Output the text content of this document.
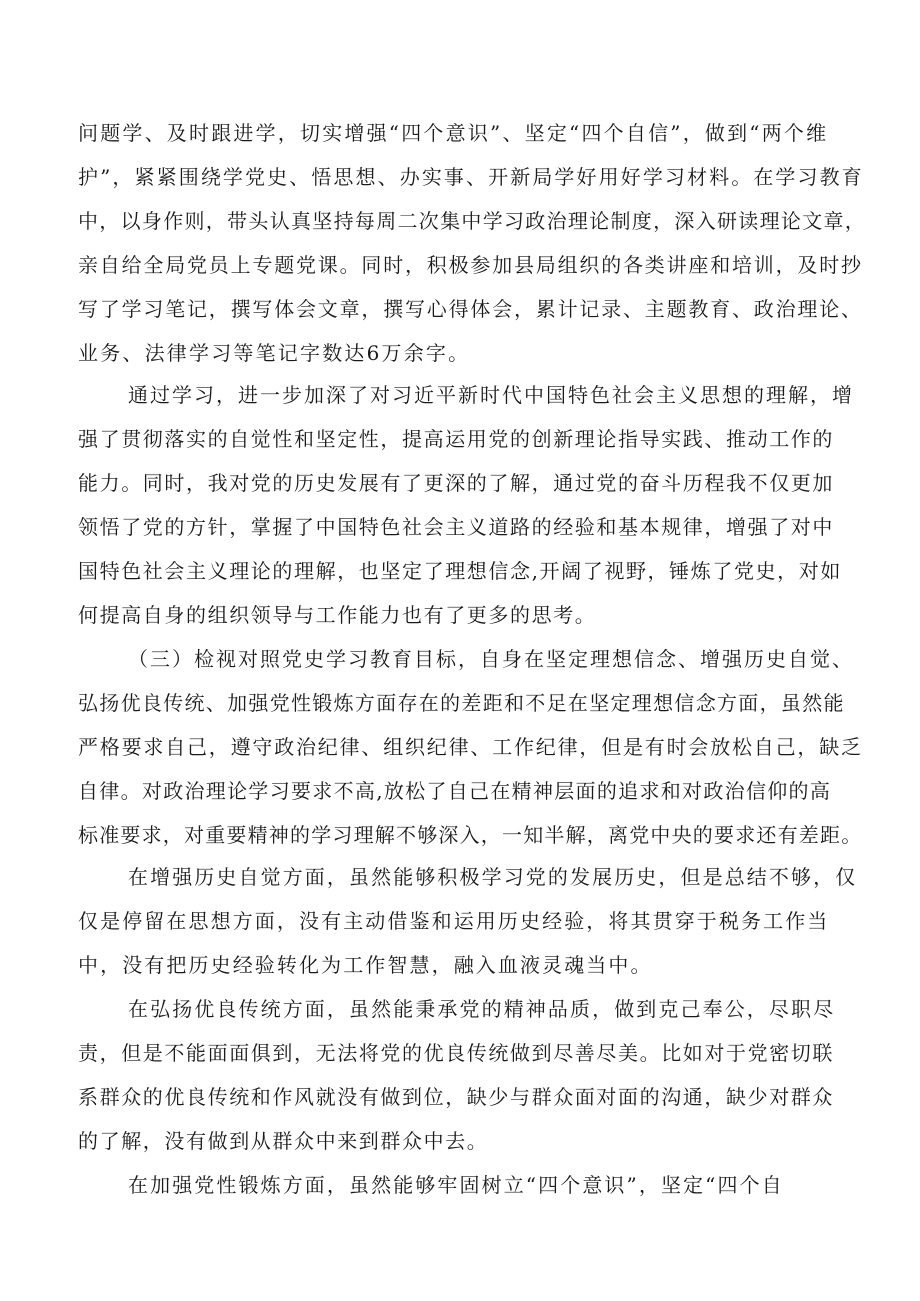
问题学、及时跟进学，切实增强“四个意识”、坚定“四个自信”，做到“两个维
护”，紧紧围绕学党史、悟思想、办实事、开新局学好用好学习材料。在学习教育
中，以身作则，带头认真坚持每周二次集中学习政治理论制度，深入研读理论文章，
亲自给全局党员上专题党课。同时，积极参加县局组织的各类讲座和培训，及时抄
写了学习笔记，撰写体会文章，撰写心得体会，累计记录、主题教育、政治理论、
业务、法律学习等笔记字数达6万余字。
通过学习，进一步加深了对习近平新时代中国特色社会主义思想的理解，增
强了贯彻落实的自觉性和坚定性，提高运用党的创新理论指导实践、推动工作的
能力。同时，我对党的历史发展有了更深的了解，通过党的奋斗历程我不仅更加
领悟了党的方针，掌握了中国特色社会主义道路的经验和基本规律，增强了对中
国特色社会主义理论的理解，也坚定了理想信念,开阔了视野，锤炼了党史，对如
何提高自身的组织领导与工作能力也有了更多的思考。
（三）检视对照党史学习教育目标，自身在坚定理想信念、增强历史自觉、
弘扬优良传统、加强党性锻炼方面存在的差距和不足在坚定理想信念方面，虽然能
严格要求自己，遵守政治纪律、组织纪律、工作纪律，但是有时会放松自己，缺乏
自律。对政治理论学习要求不高,放松了自己在精神层面的追求和对政治信仰的高
标准要求，对重要精神的学习理解不够深入，一知半解，离党中央的要求还有差距。
在增强历史自觉方面，虽然能够积极学习党的发展历史，但是总结不够，仅
仅是停留在思想方面，没有主动借鉴和运用历史经验，将其贯穿于税务工作当
中，没有把历史经验转化为工作智慧，融入血液灵魂当中。
在弘扬优良传统方面，虽然能秉承党的精神品质，做到克己奉公，尽职尽
责，但是不能面面俱到，无法将党的优良传统做到尽善尽美。比如对于党密切联
系群众的优良传统和作风就没有做到位，缺少与群众面对面的沟通，缺少对群众
的了解，没有做到从群众中来到群众中去。
在加强党性锻炼方面，虽然能够牢固树立“四个意识”，坚定“四个自
